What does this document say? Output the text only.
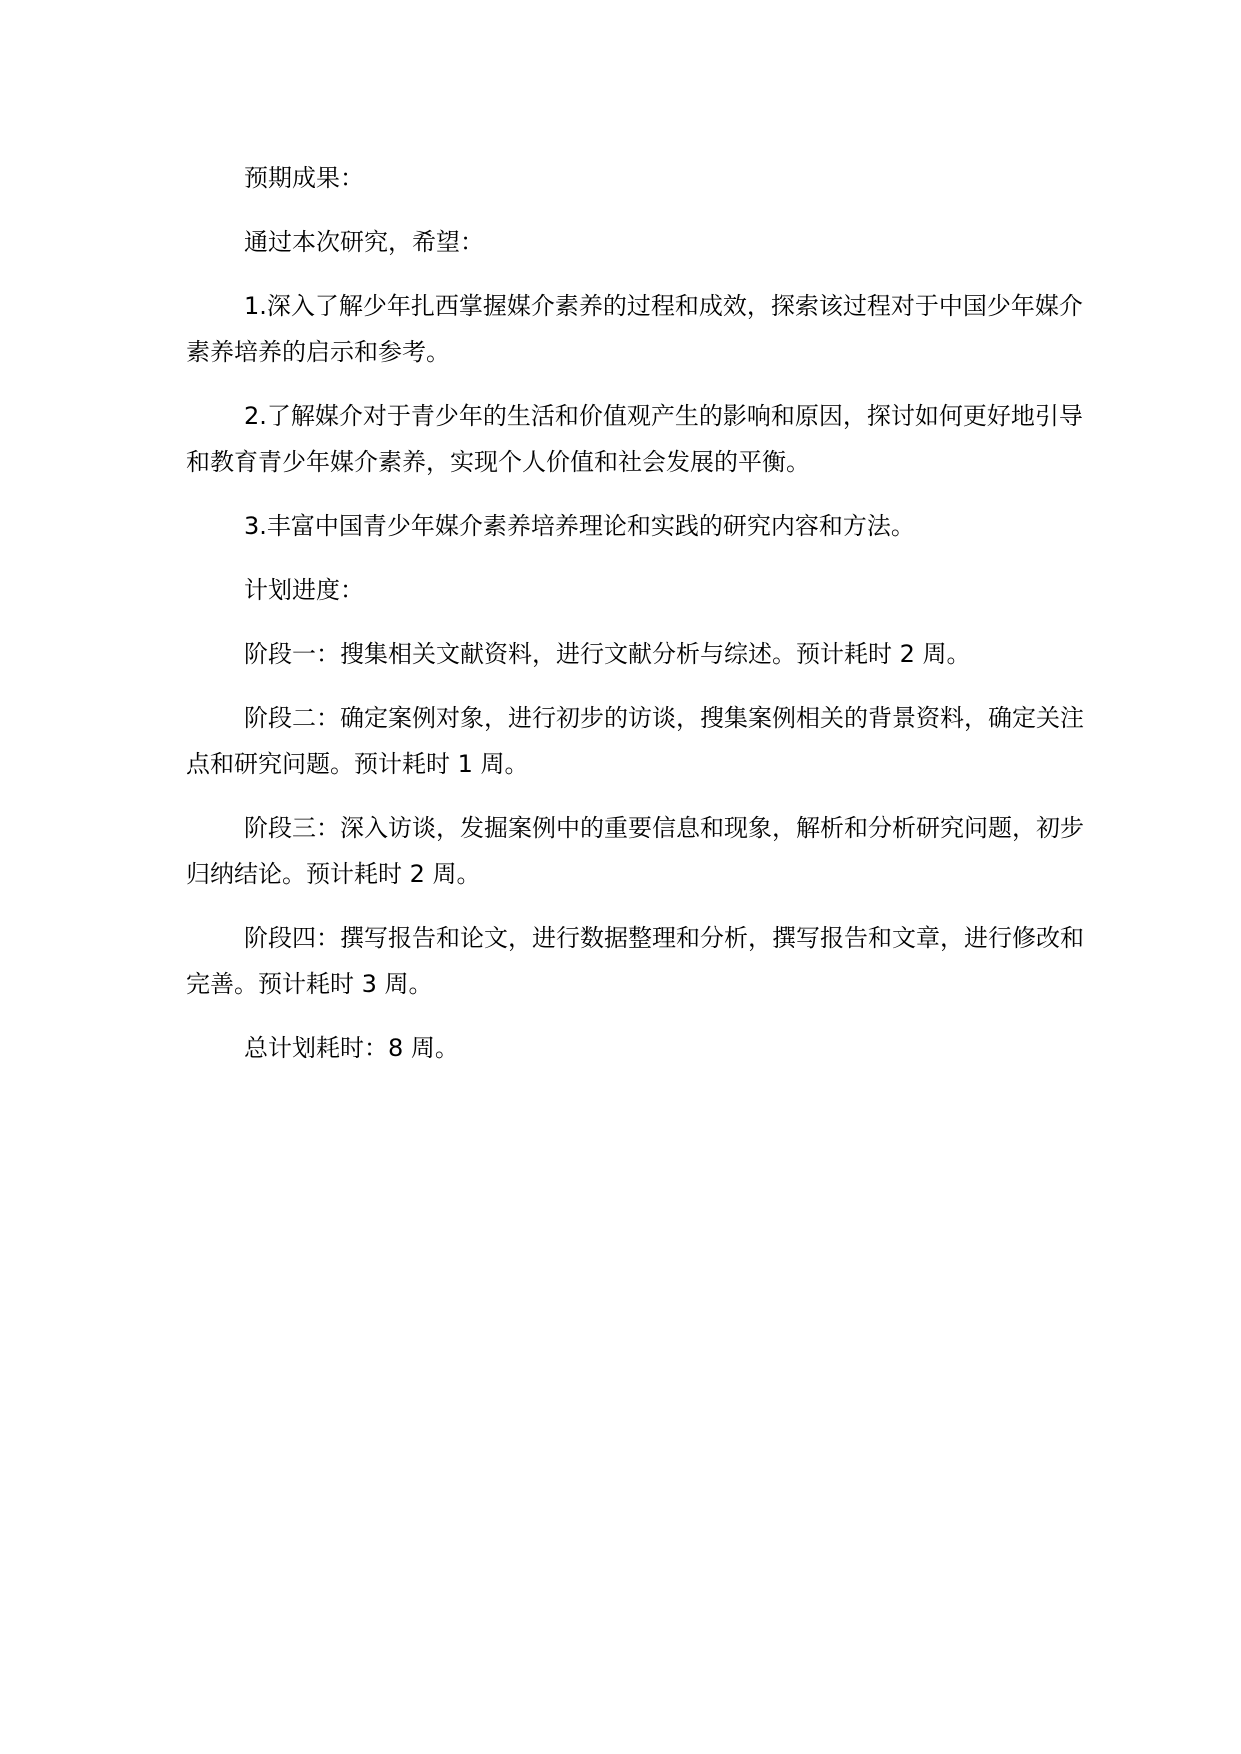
预期成果：

通过本次研究，希望：

1.深入了解少年扎西掌握媒介素养的过程和成效，探索该过程对于中国少年媒介素养培养的启示和参考。

2.了解媒介对于青少年的生活和价值观产生的影响和原因，探讨如何更好地引导和教育青少年媒介素养，实现个人价值和社会发展的平衡。

3.丰富中国青少年媒介素养培养理论和实践的研究内容和方法。

计划进度：

阶段一：搜集相关文献资料，进行文献分析与综述。预计耗时 2 周。

阶段二：确定案例对象，进行初步的访谈，搜集案例相关的背景资料，确定关注点和研究问题。预计耗时 1 周。

阶段三：深入访谈，发掘案例中的重要信息和现象，解析和分析研究问题，初步归纳结论。预计耗时 2 周。

阶段四：撰写报告和论文，进行数据整理和分析，撰写报告和文章，进行修改和完善。预计耗时 3 周。

总计划耗时：8 周。
